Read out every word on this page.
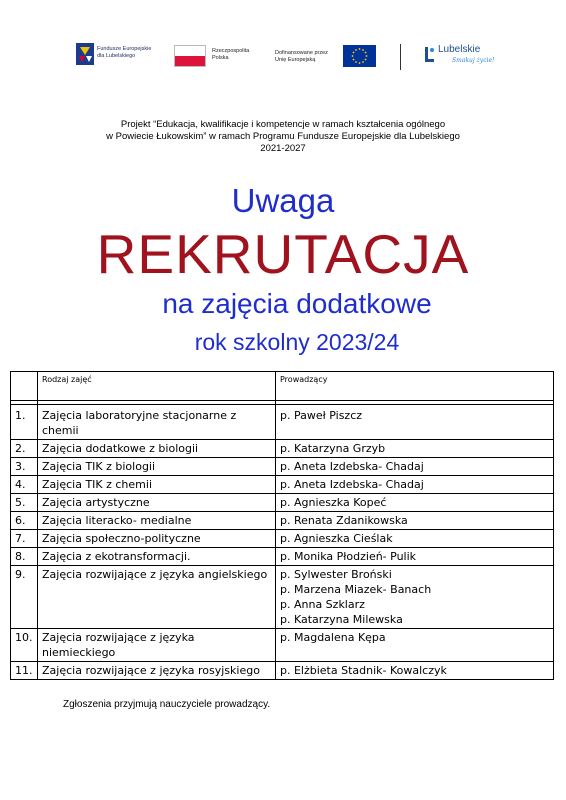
Fundusze Europejskie
dla Lubelskiego
Rzeczpospolita
Polska
Dofinansowane przez
Unię Europejską
Lubelskie
Smakuj życie!
Projekt “Edukacja, kwalifikacje i kompetencje w ramach kształcenia ogólnego
w Powiecie Łukowskim” w ramach Programu Fundusze Europejskie dla Lubelskiego
2021-2027
Uwaga
REKRUTACJA
na zajęcia dodatkowe
rok szkolny 2023/24
	Rodzaj zajęć	Prowadzący

1.	Zajęcia laboratoryjne stacjonarne z chemii	p. Paweł Piszcz

2.	Zajęcia dodatkowe z biologii	p. Katarzyna Grzyb

3.	Zajęcia TIK z biologii	p. Aneta Izdebska- Chadaj

4.	Zajęcia TIK z chemii	p. Aneta Izdebska- Chadaj

5.	Zajęcia artystyczne	p. Agnieszka Kopeć

6.	Zajęcia literacko- medialne	p. Renata Zdanikowska

7.	Zajęcia społeczno-polityczne	p. Agnieszka Cieślak

8.	Zajęcia z ekotransformacji.	p. Monika Płodzień- Pulik

9.	Zajęcia rozwijające z języka angielskiego	p. Sylwester Broński
p. Marzena Miazek- Banach
p. Anna Szklarz
p. Katarzyna Milewska

10.	Zajęcia rozwijające z języka niemieckiego	p. Magdalena Kępa

11.	Zajęcia rozwijające z języka rosyjskiego	p. Elżbieta Stadnik- Kowalczyk
Zgłoszenia przyjmują nauczyciele prowadzący.
